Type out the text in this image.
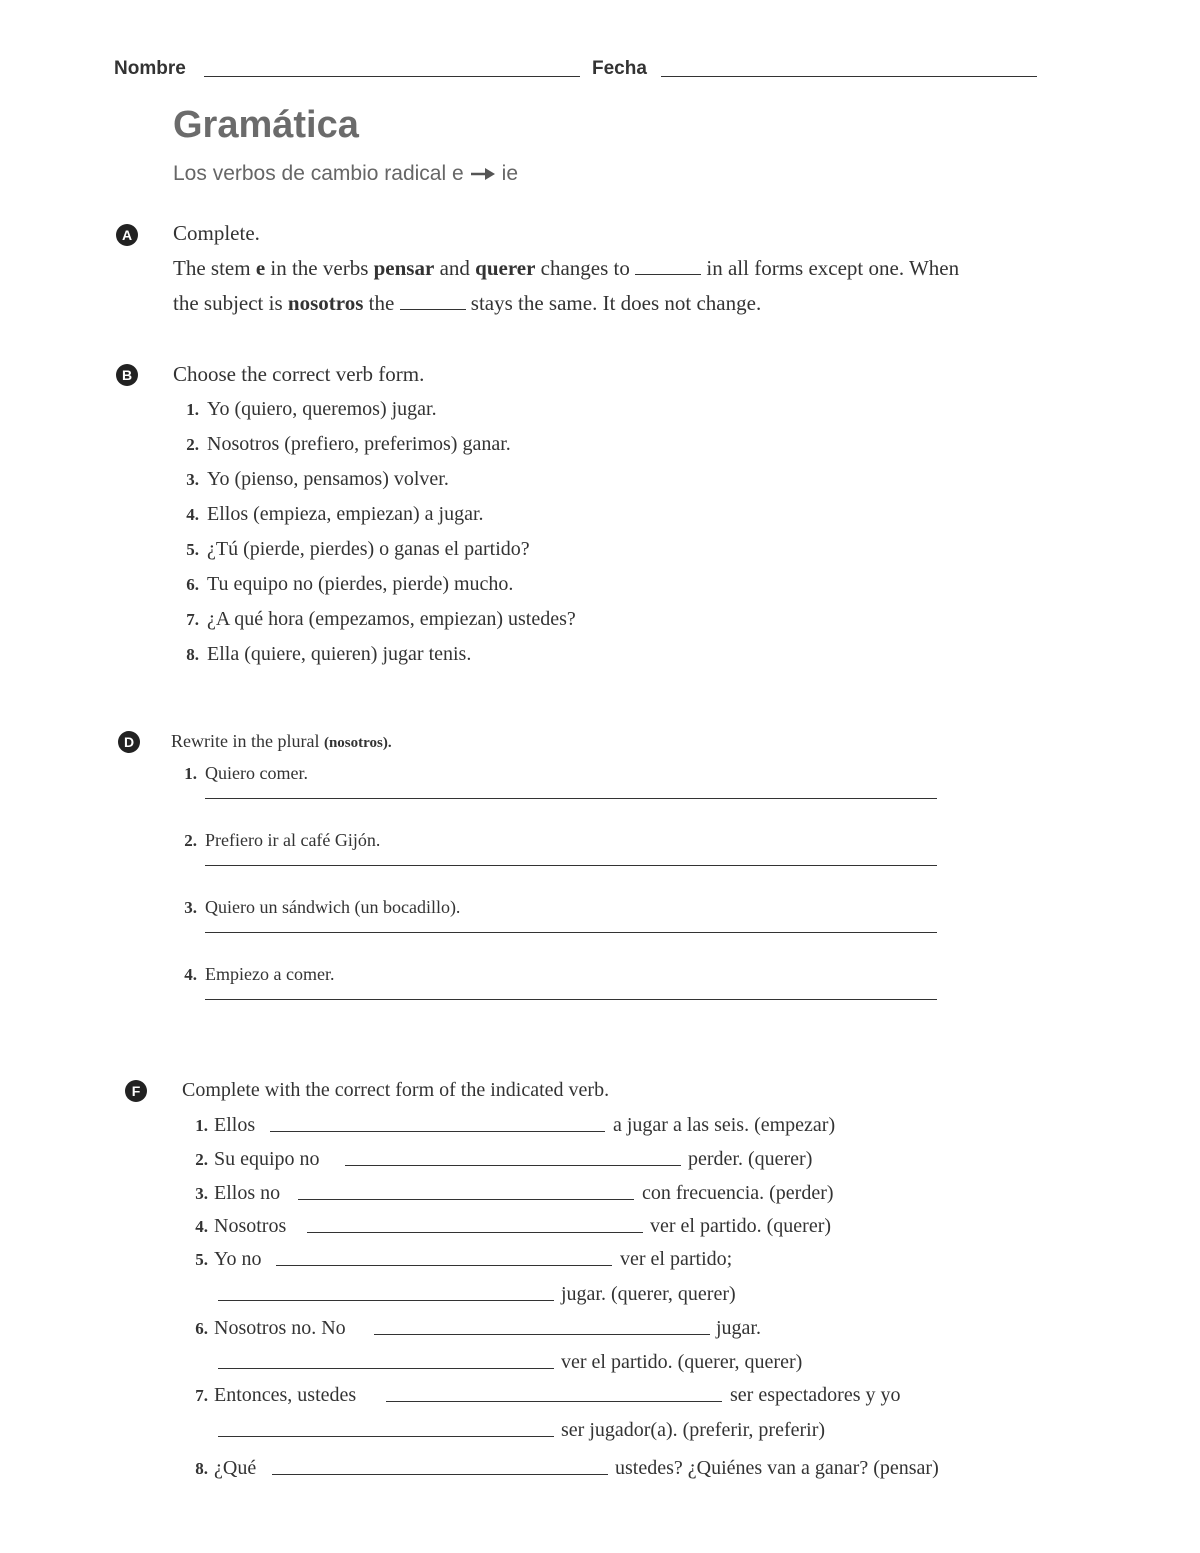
Nombre	Fecha
Gramática
Los verbos de cambio radical e ie
A Complete.
The stem e in the verbs pensar and querer changes to	in all forms except one. When
the subject is nosotros the	stays the same. It does not change.
B Choose the correct verb form.
1. Yo (quiero, queremos) jugar.
2. Nosotros (prefiero, preferimos) ganar.
3. Yo (pienso, pensamos) volver.
4. Ellos (empieza, empiezan) a jugar.
5. ¿Tú (pierde, pierdes) o ganas el partido?
6. Tu equipo no (pierdes, pierde) mucho.
7. ¿A qué hora (empezamos, empiezan) ustedes?
8. Ella (quiere, quieren) jugar tenis.
D	Rewrite in the plural (nosotros).
1. Quiero comer.
2. Prefiero ir al café Gijón.
3. Quiero un sándwich (un bocadillo).
4. Empiezo a comer.
F	Complete with the correct form of the indicated verb.
1. Ellos	a jugar a las seis. (empezar)
2. Su equipo no	perder. (querer)
3. Ellos no	con frecuencia. (perder)
4. Nosotros	ver el partido. (querer)
5. Yo no	ver el partido;
jugar. (querer, querer)
6. Nosotros no. No	jugar.
ver el partido. (querer, querer)
7. Entonces, ustedes	ser espectadores y yo
ser jugador(a). (preferir, preferir)
8. ¿Qué	ustedes? ¿Quiénes van a ganar? (pensar)
